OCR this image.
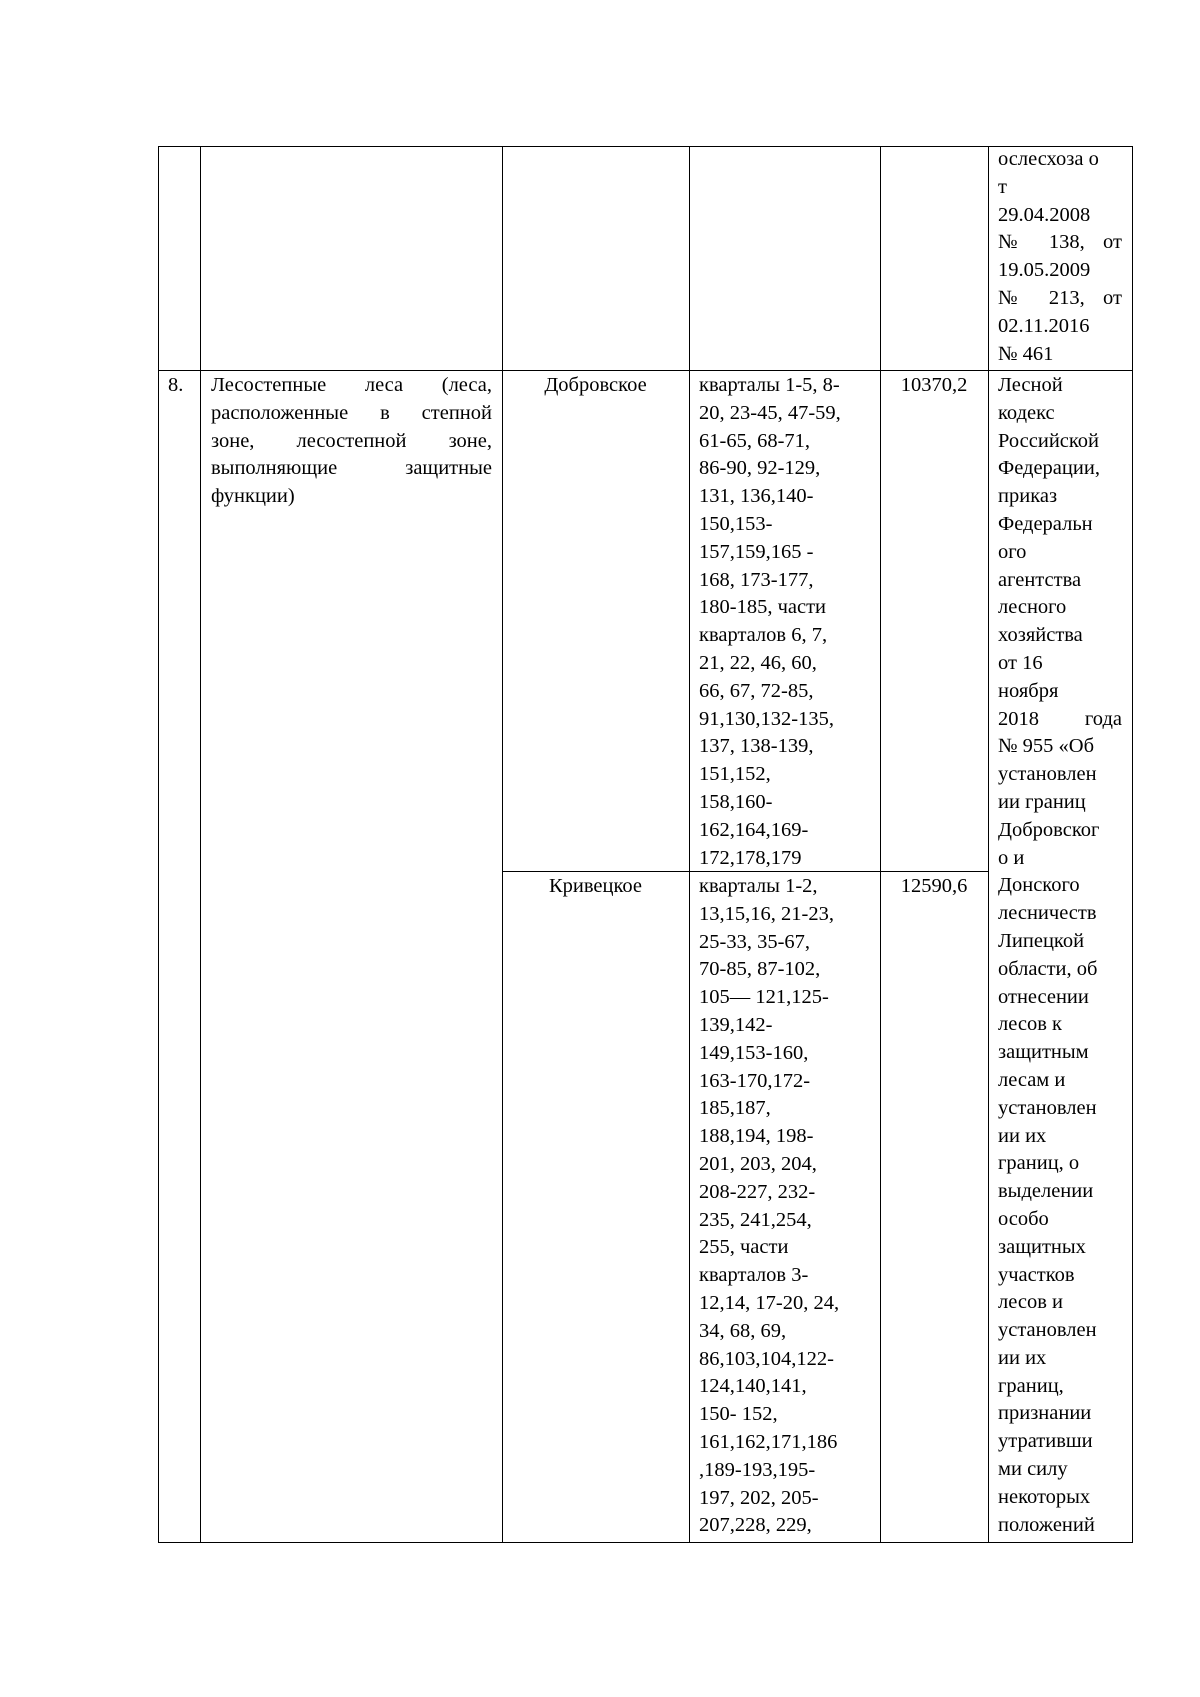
ослесхоза о
т
29.04.2008
№ 138, от
19.05.2009
№ 213, от
02.11.2016
№ 461
8. Лесостепные леса (леса,
расположенные в степной
зоне, лесостепной зоне,
выполняющие защитные
функции)
Добровское	кварталы 1-5, 8-
20, 23-45, 47-59,
61-65, 68-71,
86-90, 92-129,
131, 136,140-
150,153-
157,159,165 -
168, 173-177,
180-185, части
кварталов 6, 7,
21, 22, 46, 60,
66, 67, 72-85,
91,130,132-135,
137, 138-139,
151,152,
158,160-
162,164,169-
172,178,179
10370,2
Кривецкое	кварталы 1-2,
13,15,16, 21-23,
25-33, 35-67,
70-85, 87-102,
105— 121,125-
139,142-
149,153-160,
163-170,172-
185,187,
188,194, 198-
201, 203, 204,
208-227, 232-
235, 241,254,
255, части
кварталов 3-
12,14, 17-20, 24,
34, 68, 69,
86,103,104,122-
124,140,141,
150- 152,
161,162,171,186
,189-193,195-
197, 202, 205-
207,228, 229,
12590,6
Лесной
кодекс
Российской
Федерации,
приказ
Федеральн
ого
агентства
лесного
хозяйства
от 16
ноября
2018 года
№ 955 «Об
установлен
ии границ
Добровског
о и
Донского
лесничеств
Липецкой
области, об
отнесении
лесов к
защитным
лесам и
установлен
ии их
границ, о
выделении
особо
защитных
участков
лесов и
установлен
ии их
границ,
признании
утративши
ми силу
некоторых
положений
